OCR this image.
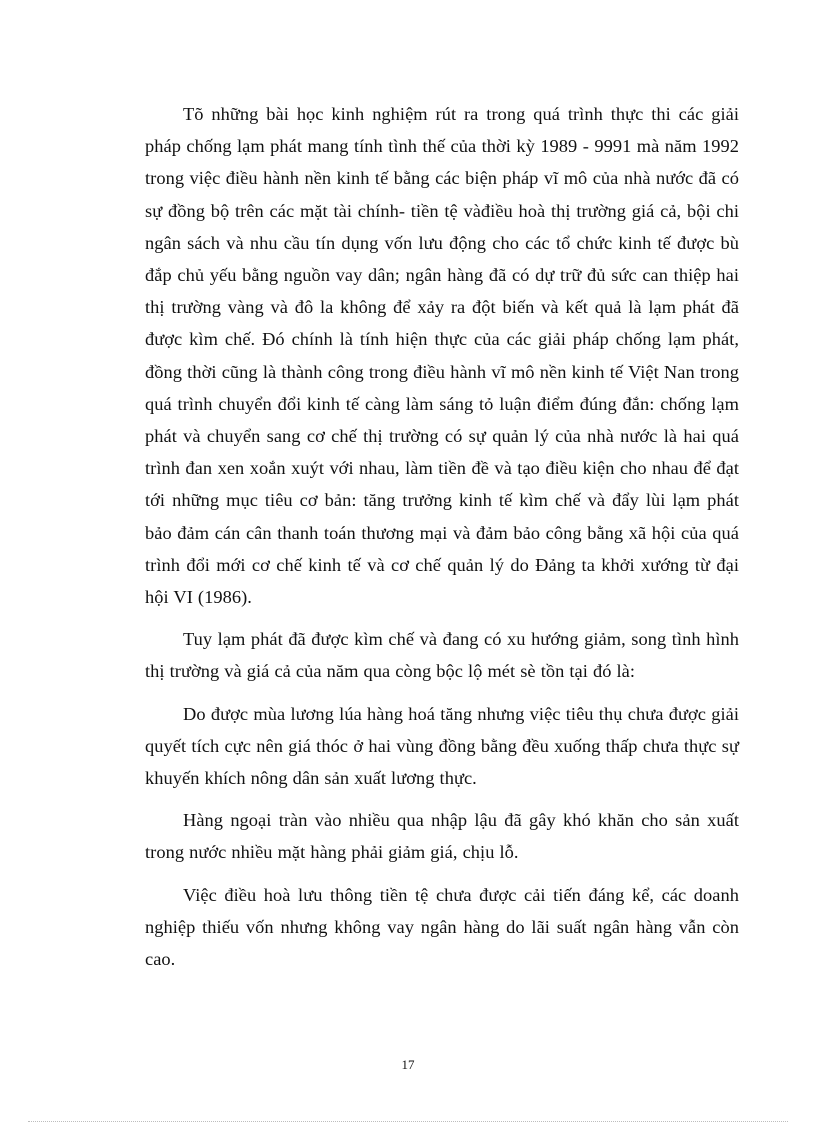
Tõ những bài học kinh nghiệm rút ra trong quá trình thực thi các giải pháp chống lạm phát mang tính tình thế của thời kỳ 1989 - 9991 mà năm 1992 trong việc điều hành nền kinh tế bằng các biện pháp vĩ mô của nhà nước đã có sự đồng bộ trên các mặt tài chính- tiền tệ vàđiều hoà thị trường giá cả, bội chi ngân sách và nhu cầu tín dụng vốn lưu động cho các tổ chức kinh tế được bù đắp chủ yếu bằng nguồn vay dân; ngân hàng đã có dự trữ đủ sức can thiệp hai thị trường vàng và đô la không để xảy ra đột biến và kết quả là lạm phát đã được kìm chế. Đó chính là tính hiện thực của các giải pháp chống lạm phát, đồng thời cũng là thành công trong điều hành vĩ mô nền kinh tế Việt Nan trong quá trình chuyển đổi kinh tế càng làm sáng tỏ luận điểm đúng đắn: chống lạm phát và chuyển sang cơ chế thị trường có sự quản lý của nhà nước là hai quá trình đan xen xoắn xuýt với nhau, làm tiền đề và tạo điều kiện cho nhau để đạt tới những mục tiêu cơ bản: tăng trưởng kinh tế kìm chế và đẩy lùi lạm phát bảo đảm cán cân thanh toán thương mại và đảm bảo công bằng xã hội của quá trình đổi mới cơ chế kinh tế và cơ chế quản lý do Đảng ta khởi xướng từ đại hội VI (1986).

Tuy lạm phát đã được kìm chế và đang có xu hướng giảm, song tình hình thị trường và giá cả của năm qua còng bộc lộ mét sè tồn tại đó là:

Do được mùa lương lúa hàng hoá tăng nhưng việc tiêu thụ chưa được giải quyết tích cực nên giá thóc ở hai vùng đồng bằng đều xuống thấp chưa thực sự khuyến khích nông dân sản xuất lương thực.

Hàng ngoại tràn vào nhiều qua nhập lậu đã gây khó khăn cho sản xuất trong nước nhiều mặt hàng phải giảm giá, chịu lỗ.

Việc điều hoà lưu thông tiền tệ chưa được cải tiến đáng kể, các doanh nghiệp thiếu vốn nhưng không vay ngân hàng do lãi suất ngân hàng vẫn còn cao.

17
